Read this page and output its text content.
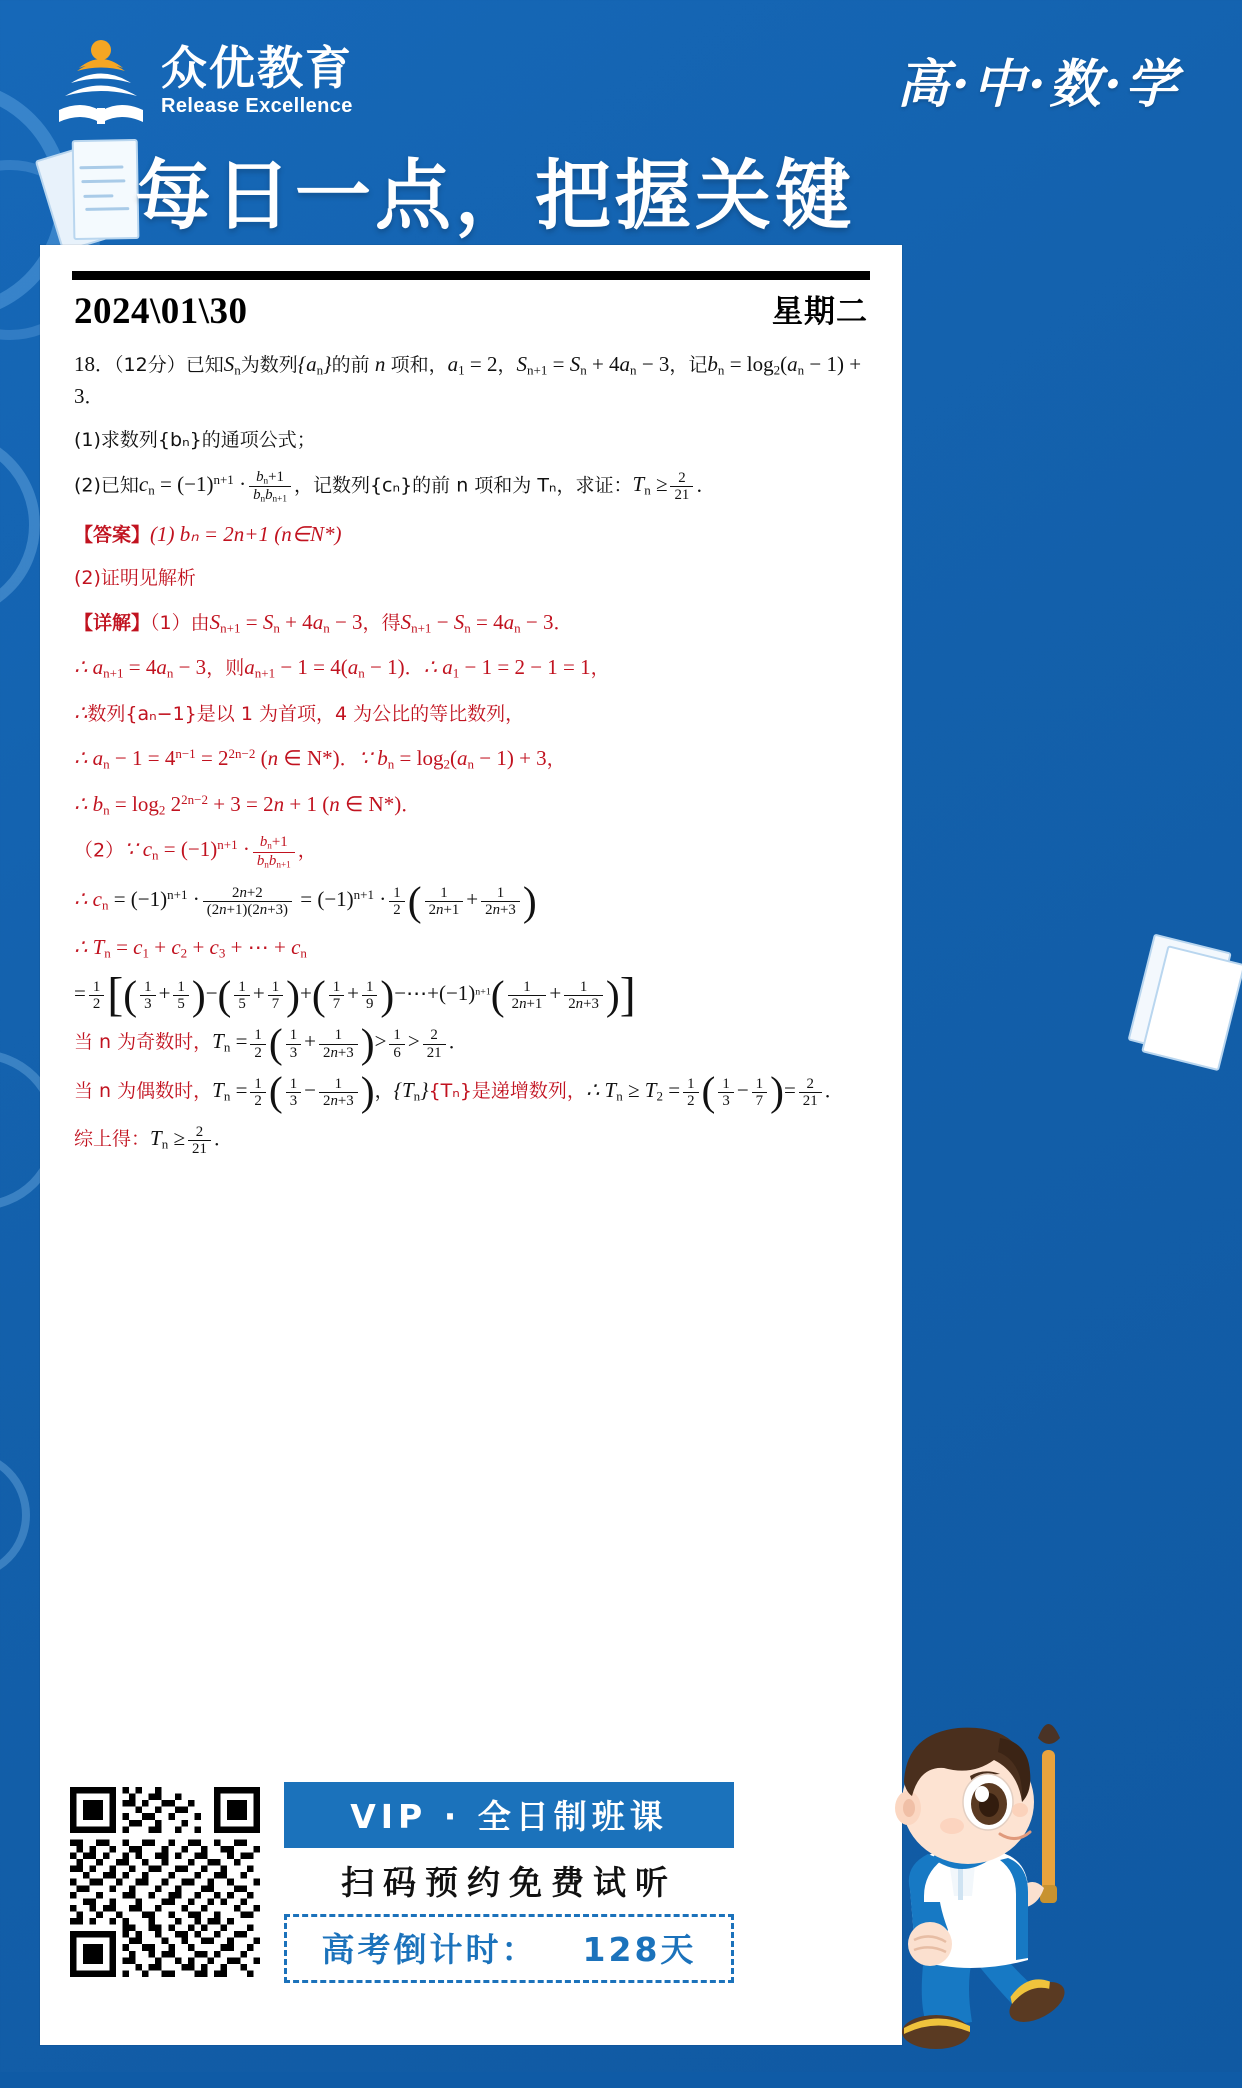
众优教育
Release Excellence	高·中·数·学
每日一点，把握关键
2024\01\30	星期二
18．（12分）已知$S_n$为数列$\{a_n\}$的前 n 项和，$a_1 = 2$，$S_{n+1} = S_n + 4a_n - 3$，记$b_n = \log_2(a_n - 1) + 3$．
(1)求数列{bₙ}的通项公式；
(2)已知$c_n = (-1)^{n+1} \cdot \frac{b_n+1}{b_nb_{n+1}}$ ，记数列{cₙ}的前 n 项和为 Tₙ，求证：$T_n \ge \frac{2}{21}$ ．
【答案】(1) bₙ = 2n+1 (n∈N*)
(2)证明见解析
【详解】（1）由$S_{n+1} = S_n + 4a_n - 3$，得$S_{n+1} - S_n = 4a_n - 3$．
∴ $a_{n+1} = 4a_n - 3$，则$a_{n+1} - 1 = 4(a_n - 1)$．∴ $a_1 - 1 = 2 - 1 = 1$，
∴数列{aₙ−1}是以 1 为首项，4 为公比的等比数列，
∴ $a_n - 1 = 4^{n-1} = 2^{2n-2}$ (n ∈ N*)．∵ $b_n = \log_2(a_n - 1) + 3$，
∴ $b_n = \log_2 2^{2n-2} + 3 = 2n + 1$ (n ∈ N*)．
（2）∵ $c_n = (-1)^{n+1} \cdot \frac{b_n+1}{b_nb_{n+1}}$ ，
∴ $c_n = (-1)^{n+1} \cdot \frac{2n+2}{(2n+1)(2n+3)} = (-1)^{n+1} \cdot \frac{1}{2}$ ( $\frac{1}{2n+1} + \frac{1}{2n+3}$ )
∴ $T_n = c_1 + c_2 + c_3$ + ⋯ + $c_n$
= $\frac{1}{2}$ [( $\frac{1}{3} + \frac{1}{5}$ )−( $\frac{1}{5} + \frac{1}{7}$ )+( $\frac{1}{7} + \frac{1}{9}$ )$-\cdots+(-1)^{n+1}( \frac{1}{2n+1} + \frac{1}{2n+3}$ )]
当 n 为奇数时，$T_n = \frac{1}{2}$ ( $\frac{1}{3} + \frac{1}{2n+3}$ )> $\frac{1}{6} > \frac{2}{21}$ ．
当 n 为偶数时，$T_n = \frac{1}{2}$ ( $\frac{1}{3} - \frac{1}{2n+3}$ )，$\{T_n\}\{T_n\}$是递增数列，∴ $T_n \ge T_2 = \frac{1}{2}$ ( $\frac{1}{3} - \frac{1}{7}$ )= $\frac{2}{21}$ ．
综上得：$T_n \ge \frac{2}{21}$ ．
VIP · 全日制班课
扫码预约免费试听
高考倒计时： 128天
